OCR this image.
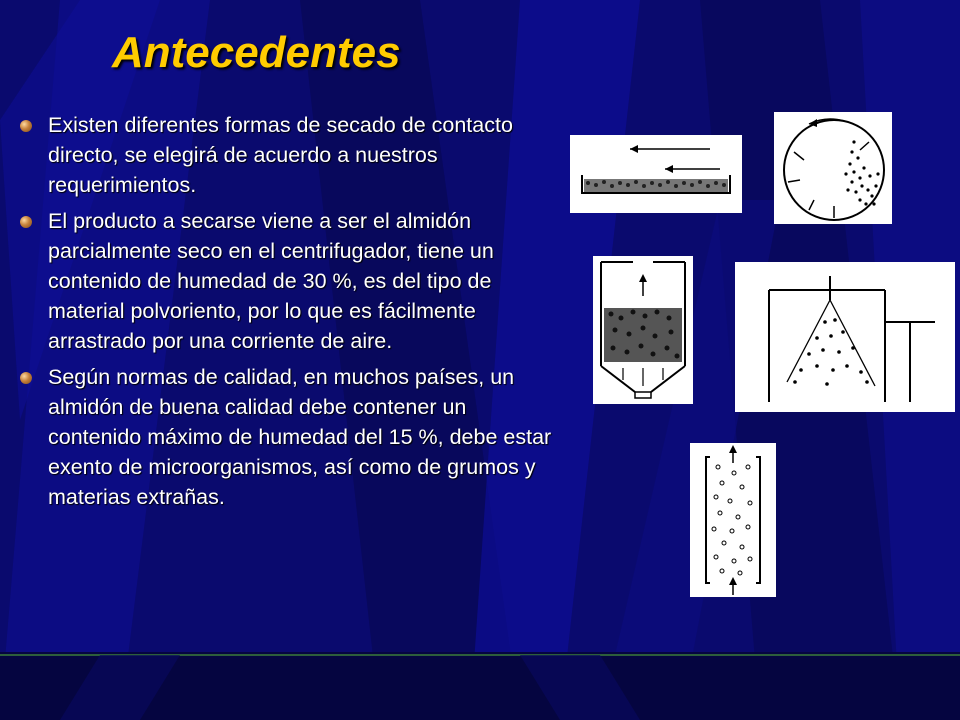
Antecedentes
Existen diferentes formas de secado de contacto directo, se elegirá de acuerdo a nuestros requerimientos.
El producto a secarse viene a ser el almidón parcialmente seco en el centrifugador, tiene un contenido de humedad de 30 %, es del tipo de material polvoriento, por lo que es fácilmente arrastrado por una corriente de aire.
Según normas de calidad, en muchos países, un almidón de buena calidad debe contener un contenido máximo de humedad del 15 %, debe estar exento de microorganismos, así como de grumos y materias extrañas.
